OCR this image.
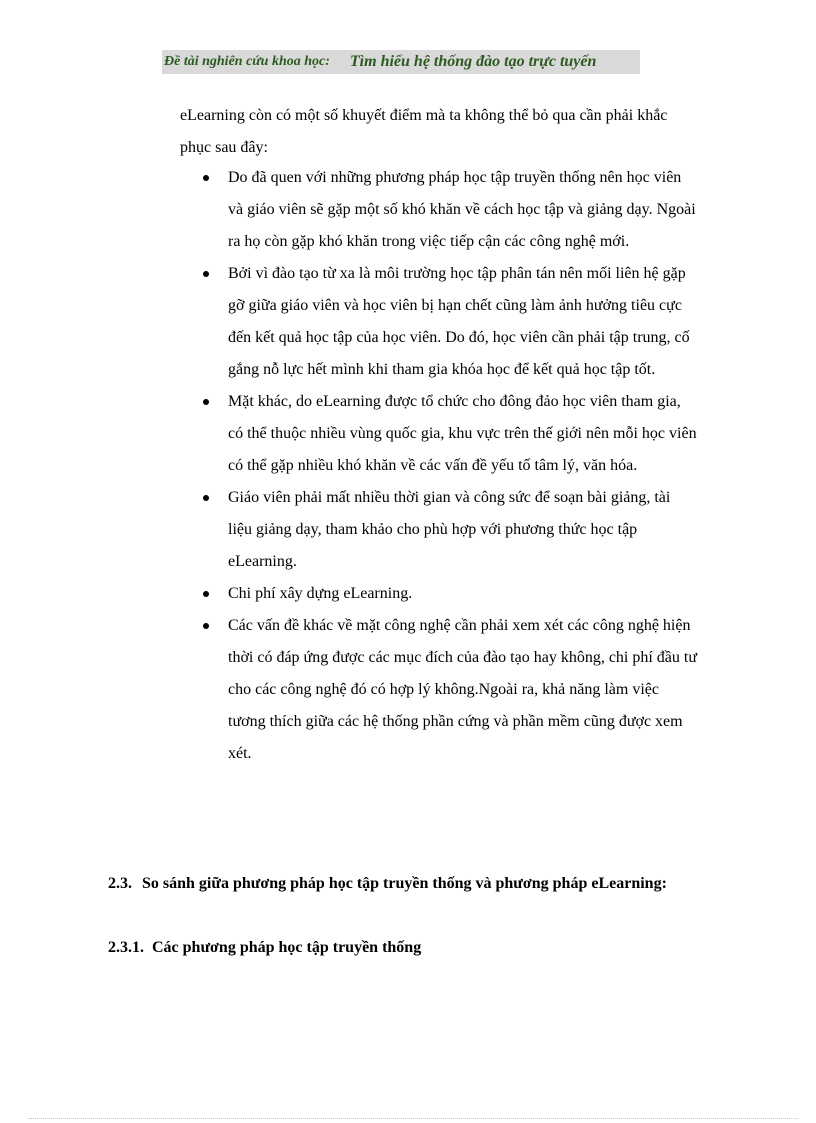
Đề tài nghiên cứu khoa học: Tìm hiểu hệ thống đào tạo trực tuyến

eLearning còn có một số khuyết điểm mà ta không thể bỏ qua cần phải khắc phục sau đây:

Do đã quen với những phương pháp học tập truyền thống nên học viên và giáo viên sẽ gặp một số khó khăn về cách học tập và giảng dạy. Ngoài ra họ còn gặp khó khăn trong việc tiếp cận các công nghệ mới.
Bởi vì đào tạo từ xa là môi trường học tập phân tán nên mối liên hệ gặp gỡ giữa giáo viên và học viên bị hạn chết cũng làm ảnh hưởng tiêu cực đến kết quả học tập của học viên. Do đó, học viên cần phải tập trung, cố gắng nỗ lực hết mình khi tham gia khóa học để kết quả học tập tốt.
Mặt khác, do eLearning được tổ chức cho đông đảo học viên tham gia, có thể thuộc nhiều vùng quốc gia, khu vực trên thế giới nên mỗi học viên có thể gặp nhiều khó khăn về các vấn đề yếu tố tâm lý, văn hóa.
Giáo viên phải mất nhiều thời gian và công sức để soạn bài giảng, tài liệu giảng dạy, tham khảo cho phù hợp với phương thức học tập eLearning.
Chi phí xây dựng eLearning.
Các vấn đề khác về mặt công nghệ cần phải xem xét các công nghệ hiện thời có đáp ứng được các mục đích của đào tạo hay không, chi phí đầu tư cho các công nghệ đó có hợp lý không.Ngoài ra, khả năng làm việc tương thích giữa các hệ thống phần cứng và phần mềm cũng được xem xét.
2.3. So sánh giữa phương pháp học tập truyền thống và phương pháp eLearning:
2.3.1. Các phương pháp học tập truyền thống
